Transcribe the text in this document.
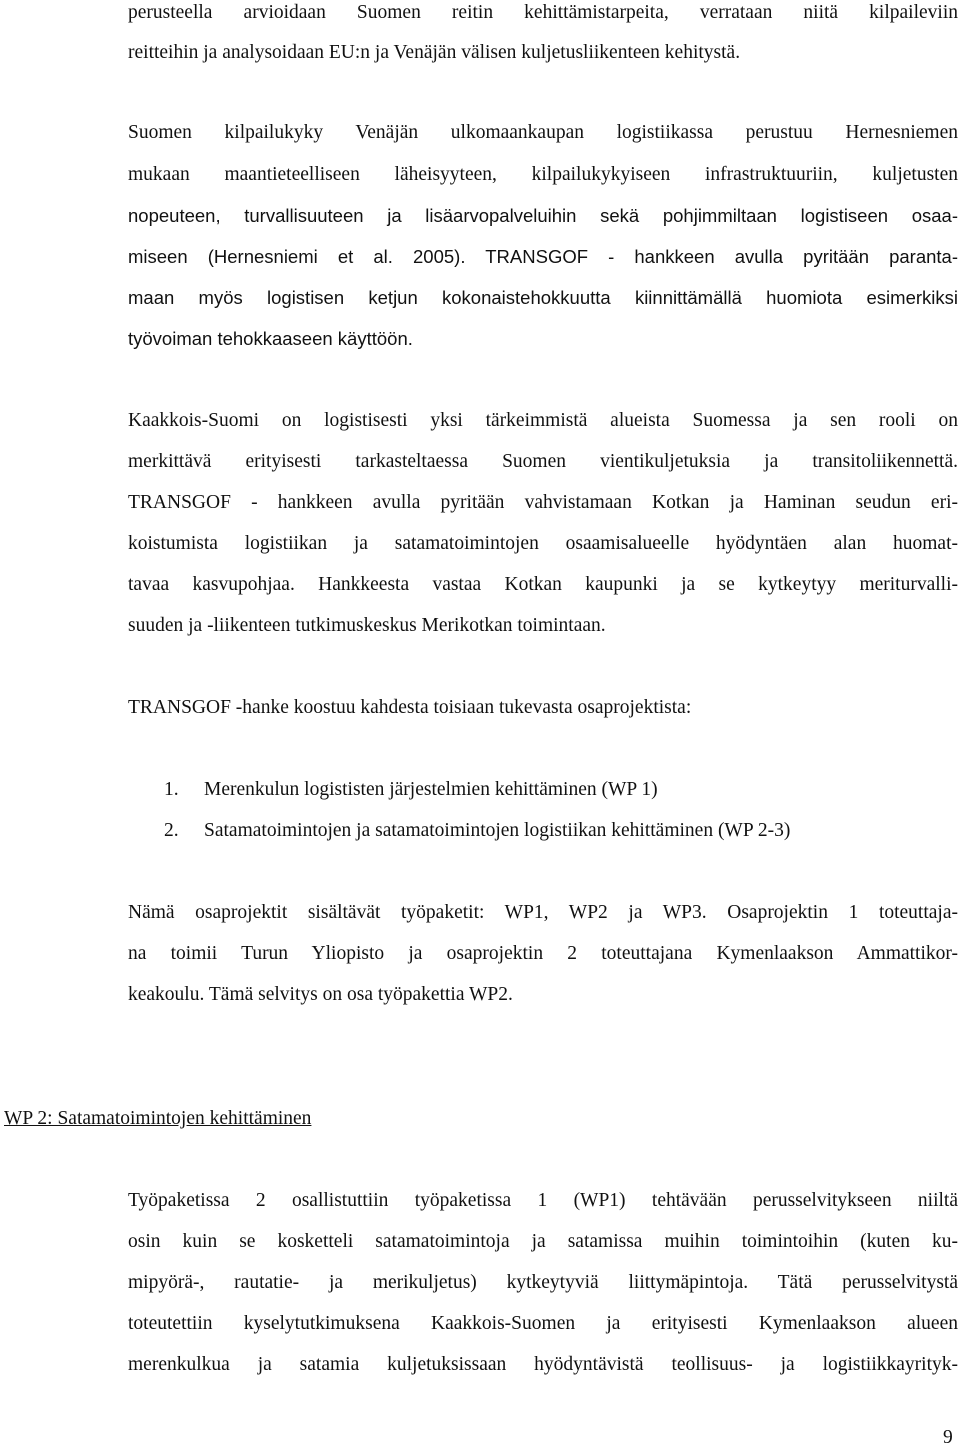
perusteella arvioidaan Suomen reitin kehittämistarpeita, verrataan niitä kilpaileviin
reitteihin ja analysoidaan EU:n ja Venäjän välisen kuljetusliikenteen kehitystä.
Suomen kilpailukyky Venäjän ulkomaankaupan logistiikassa perustuu Hernesniemen
mukaan maantieteelliseen läheisyyteen, kilpailukykyiseen infrastruktuuriin, kuljetusten
nopeuteen, turvallisuuteen ja lisäarvopalveluihin sekä pohjimmiltaan logistiseen osaa-
miseen (Hernesniemi et al. 2005). TRANSGOF - hankkeen avulla pyritään paranta-
maan myös logistisen ketjun kokonaistehokkuutta kiinnittämällä huomiota esimerkiksi
työvoiman tehokkaaseen käyttöön.
Kaakkois-Suomi on logistisesti yksi tärkeimmistä alueista Suomessa ja sen rooli on
merkittävä erityisesti tarkasteltaessa Suomen vientikuljetuksia ja transitoliikennettä.
TRANSGOF - hankkeen avulla pyritään vahvistamaan Kotkan ja Haminan seudun eri-
koistumista logistiikan ja satamatoimintojen osaamisalueelle hyödyntäen alan huomat-
tavaa kasvupohjaa. Hankkeesta vastaa Kotkan kaupunki ja se kytkeytyy meriturvalli-
suuden ja -liikenteen tutkimuskeskus Merikotkan toimintaan.
TRANSGOF -hanke koostuu kahdesta toisiaan tukevasta osaprojektista:
1. Merenkulun logististen järjestelmien kehittäminen (WP 1)
2. Satamatoimintojen ja satamatoimintojen logistiikan kehittäminen (WP 2-3)
Nämä osaprojektit sisältävät työpaketit: WP1, WP2 ja WP3. Osaprojektin 1 toteuttaja-
na toimii Turun Yliopisto ja osaprojektin 2 toteuttajana Kymenlaakson Ammattikor-
keakoulu. Tämä selvitys on osa työpakettia WP2.
WP 2: Satamatoimintojen kehittäminen
Työpaketissa 2 osallistuttiin työpaketissa 1 (WP1) tehtävään perusselvitykseen niiltä
osin kuin se kosketteli satamatoimintoja ja satamissa muihin toimintoihin (kuten ku-
mipyörä-, rautatie- ja merikuljetus) kytkeytyviä liittymäpintoja. Tätä perusselvitystä
toteutettiin kyselytutkimuksena Kaakkois-Suomen ja erityisesti Kymenlaakson alueen
merenkulkua ja satamia kuljetuksissaan hyödyntävistä teollisuus- ja logistiikkayrityk-
9
